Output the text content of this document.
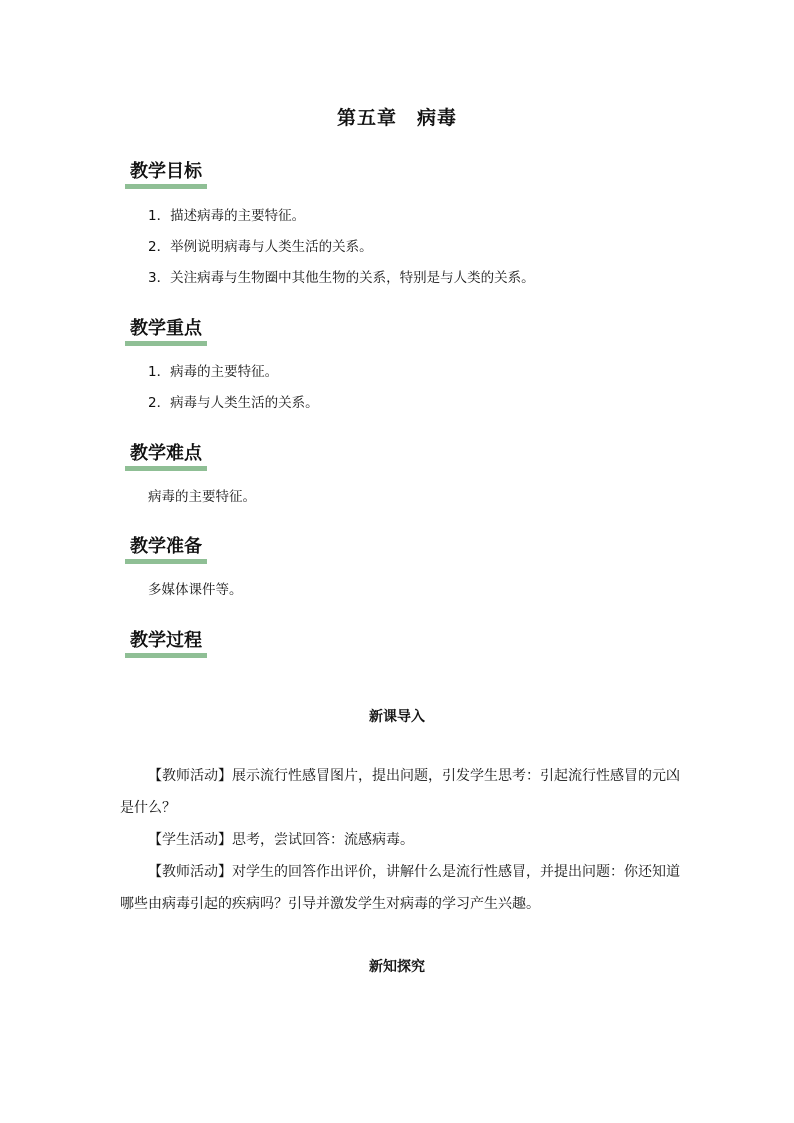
第五章　病毒
教学目标
1．描述病毒的主要特征。
2．举例说明病毒与人类生活的关系。
3．关注病毒与生物圈中其他生物的关系，特别是与人类的关系。
教学重点
1．病毒的主要特征。
2．病毒与人类生活的关系。
教学难点
病毒的主要特征。
教学准备
多媒体课件等。
教学过程
新课导入
【教师活动】展示流行性感冒图片，提出问题，引发学生思考：引起流行性感冒的元凶是什么？
【学生活动】思考，尝试回答：流感病毒。
【教师活动】对学生的回答作出评价，讲解什么是流行性感冒，并提出问题：你还知道哪些由病毒引起的疾病吗？引导并激发学生对病毒的学习产生兴趣。
新知探究
